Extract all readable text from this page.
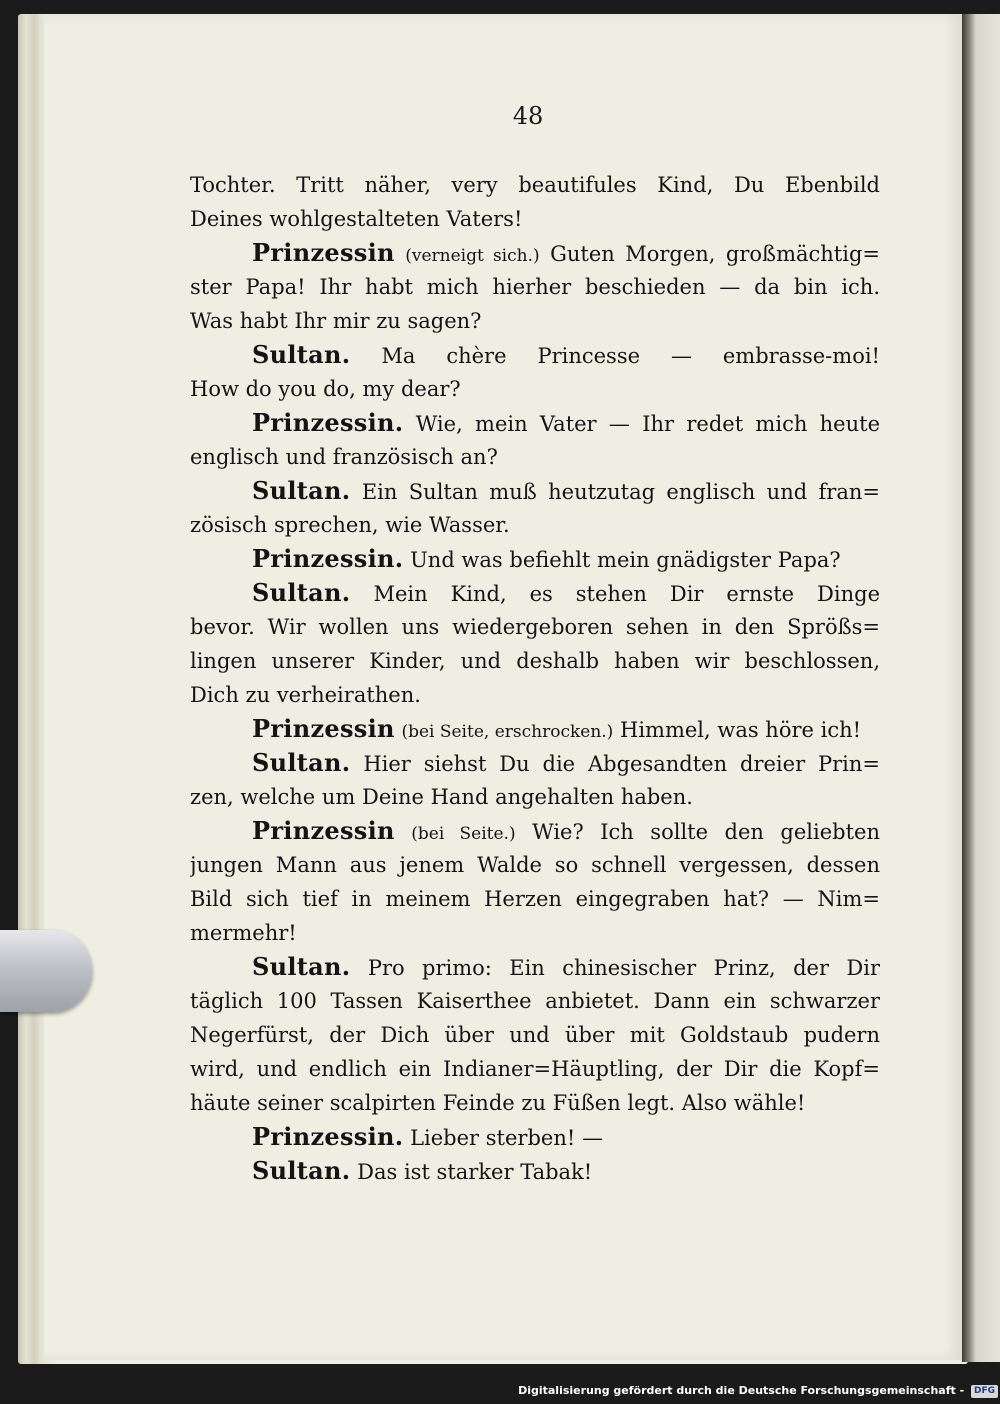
48
Tochter. Tritt näher, very beautifules Kind, Du Ebenbild
Deines wohlgestalteten Vaters!
Prinzessin (verneigt sich.) Guten Morgen, großmächtig=
ster Papa! Ihr habt mich hierher beschieden — da bin ich.
Was habt Ihr mir zu sagen?
Sultan. Ma chère Princesse — embrasse-moi!
How do you do, my dear?
Prinzessin. Wie, mein Vater — Ihr redet mich heute
englisch und französisch an?
Sultan. Ein Sultan muß heutzutag englisch und fran=
zösisch sprechen, wie Wasser.
Prinzessin. Und was befiehlt mein gnädigster Papa?
Sultan. Mein Kind, es stehen Dir ernste Dinge
bevor. Wir wollen uns wiedergeboren sehen in den Sprößs=
lingen unserer Kinder, und deshalb haben wir beschlossen,
Dich zu verheirathen.
Prinzessin (bei Seite, erschrocken.) Himmel, was höre ich!
Sultan. Hier siehst Du die Abgesandten dreier Prin=
zen, welche um Deine Hand angehalten haben.
Prinzessin (bei Seite.) Wie? Ich sollte den geliebten
jungen Mann aus jenem Walde so schnell vergessen, dessen
Bild sich tief in meinem Herzen eingegraben hat? — Nim=
mermehr!
Sultan. Pro primo: Ein chinesischer Prinz, der Dir
täglich 100 Tassen Kaiserthee anbietet. Dann ein schwarzer
Negerfürst, der Dich über und über mit Goldstaub pudern
wird, und endlich ein Indianer=Häuptling, der Dir die Kopf=
häute seiner scalpirten Feinde zu Füßen legt. Also wähle!
Prinzessin. Lieber sterben! —
Sultan. Das ist starker Tabak!
Digitalisierung gefördert durch die Deutsche Forschungsgemeinschaft - DFG
